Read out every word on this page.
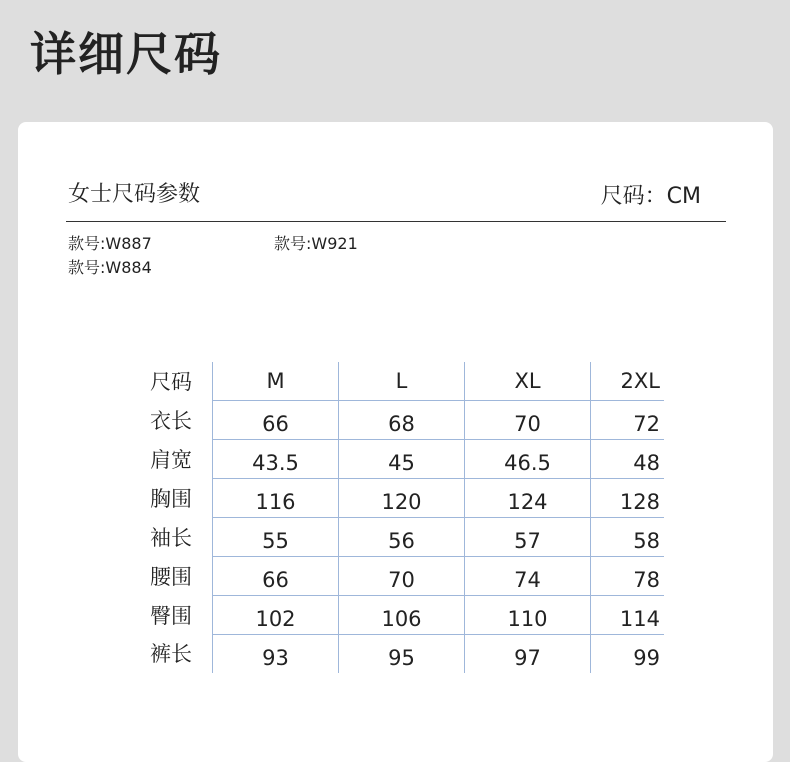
详细尺码
女士尺码参数	尺码：CM
款号:W887	款号:W921
款号:W884
尺码	M	L	XL	2XL
衣长	66	68	70	72
肩宽	43.5	45	46.5	48
胸围	116	120	124	128
袖长	55	56	57	58
腰围	66	70	74	78
臀围	102	106	110	114
裤长	93	95	97	99
